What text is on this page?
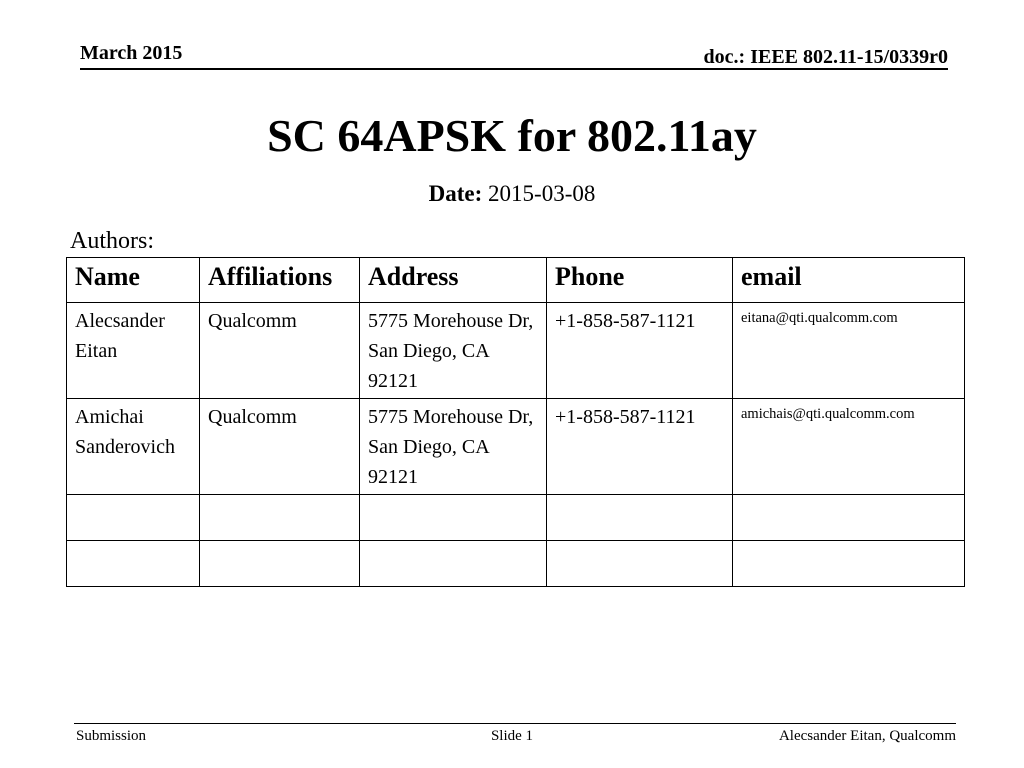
March 2015	doc.: IEEE 802.11-15/0339r0
SC 64APSK for 802.11ay
Date: 2015-03-08
Authors:
Name	Affiliations	Address	Phone	email
Alecsander Eitan	Qualcomm	5775 Morehouse Dr, San Diego, CA 92121	+1-858-587-1121	eitana@qti.qualcomm.com
Amichai Sanderovich	Qualcomm	5775 Morehouse Dr, San Diego, CA 92121	+1-858-587-1121	amichais@qti.qualcomm.com

Submission	Slide 1	Alecsander Eitan, Qualcomm
